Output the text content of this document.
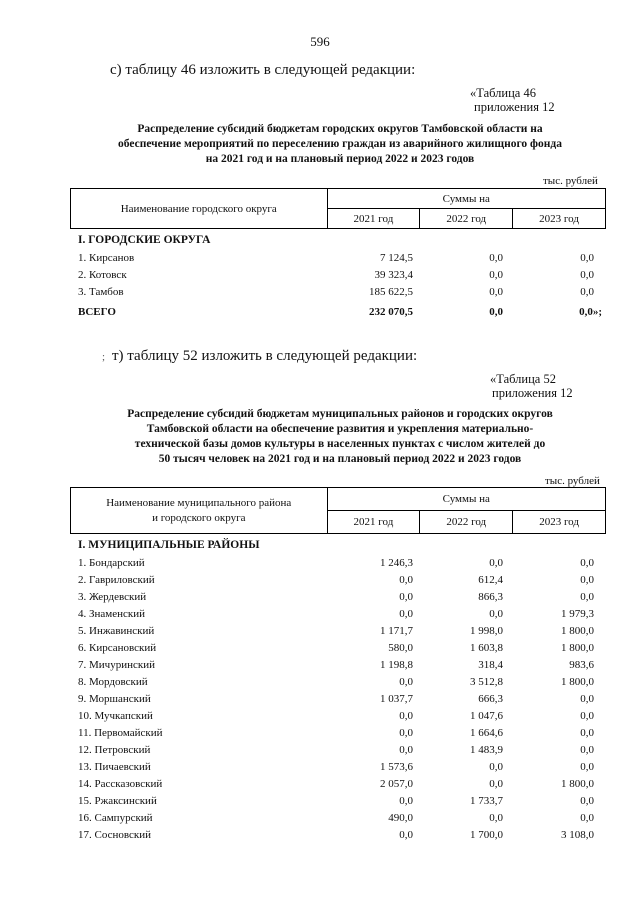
596
с) таблицу 46 изложить в следующей редакции:
«Таблица 46
приложения 12
Распределение субсидий бюджетам городских округов Тамбовской области на
обеспечение мероприятий по переселению граждан из аварийного жилищного фонда
на 2021 год и на плановый период 2022 и 2023 годов
тыс. рублей
Наименование городского округа	Суммы на		
	2021 год	2022 год	2023 год
I. ГОРОДСКИЕ ОКРУГА
1. Кирсанов	7 124,5	0,0	0,0
2. Котовск	39 323,4	0,0	0,0
3. Тамбов	185 622,5	0,0	0,0
ВСЕГО	232 070,5	0,0	0,0»;
; т) таблицу 52 изложить в следующей редакции:
«Таблица 52
приложения 12
Распределение субсидий бюджетам муниципальных районов и городских округов
Тамбовской области на обеспечение развития и укрепления материально-
технической базы домов культуры в населенных пунктах с числом жителей до
50 тысяч человек на 2021 год и на плановый период 2022 и 2023 годов
тыс. рублей
Наименование муниципального района
и городского округа	Суммы на		
	2021 год	2022 год	2023 год
I. МУНИЦИПАЛЬНЫЕ РАЙОНЫ
1. Бондарский	1 246,3	0,0	0,0
2. Гавриловский	0,0	612,4	0,0
3. Жердевский	0,0	866,3	0,0
4. Знаменский	0,0	0,0	1 979,3
5. Инжавинский	1 171,7	1 998,0	1 800,0
6. Кирсановский	580,0	1 603,8	1 800,0
7. Мичуринский	1 198,8	318,4	983,6
8. Мордовский	0,0	3 512,8	1 800,0
9. Моршанский	1 037,7	666,3	0,0
10. Мучкапский	0,0	1 047,6	0,0
11. Первомайский	0,0	1 664,6	0,0
12. Петровский	0,0	1 483,9	0,0
13. Пичаевский	1 573,6	0,0	0,0
14. Рассказовский	2 057,0	0,0	1 800,0
15. Ржаксинский	0,0	1 733,7	0,0
16. Сампурский	490,0	0,0	0,0
17. Сосновский	0,0	1 700,0	3 108,0
